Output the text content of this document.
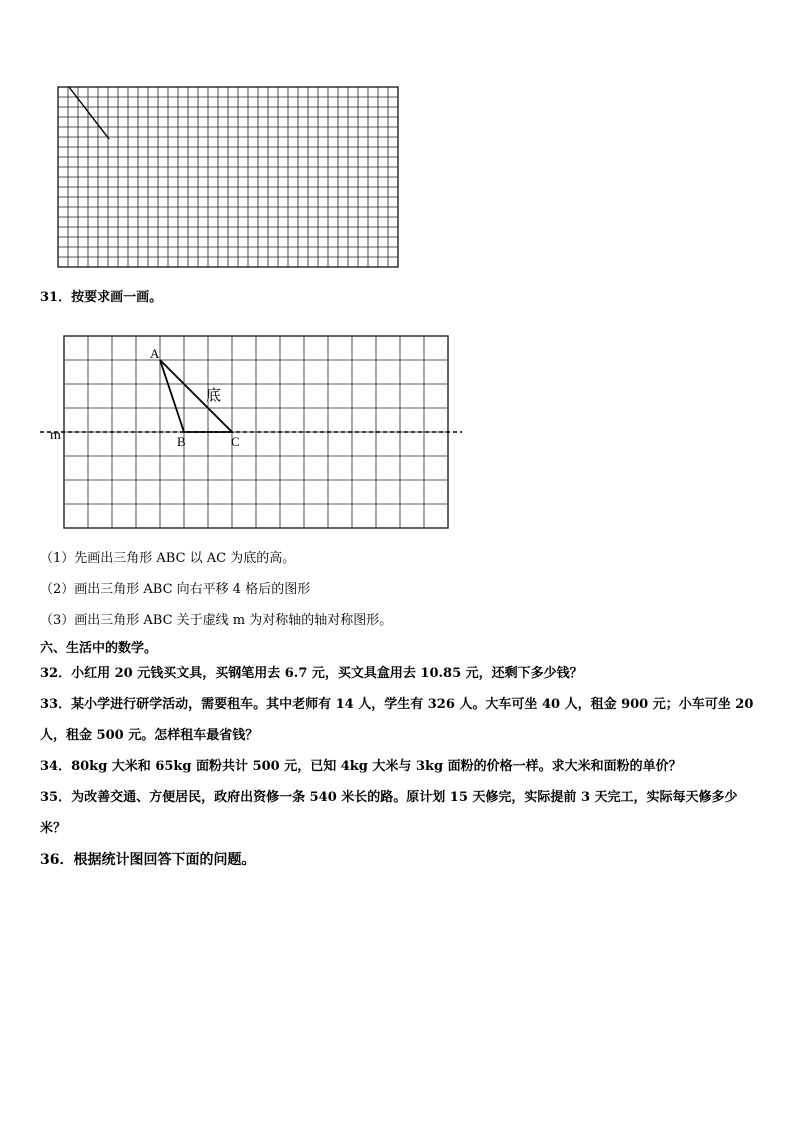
A
B	C
底
m
31．按要求画一画。
（1）先画出三角形 ABC 以 AC 为底的高。
（2）画出三角形 ABC 向右平移 4 格后的图形
（3）画出三角形 ABC 关于虚线 m 为对称轴的轴对称图形。
六、生活中的数学。
32．小红用 20 元钱买文具，买钢笔用去 6.7 元，买文具盒用去 10.85 元，还剩下多少钱？
33．某小学进行研学活动，需要租车。其中老师有 14 人，学生有 326 人。大车可坐 40 人，租金 900 元；小车可坐 20
人，租金 500 元。怎样租车最省钱？
34．80kg 大米和 65kg 面粉共计 500 元，已知 4kg 大米与 3kg 面粉的价格一样。求大米和面粉的单价？
35．为改善交通、方便居民，政府出资修一条 540 米长的路。原计划 15 天修完，实际提前 3 天完工，实际每天修多少
米？
36．根据统计图回答下面的问题。
